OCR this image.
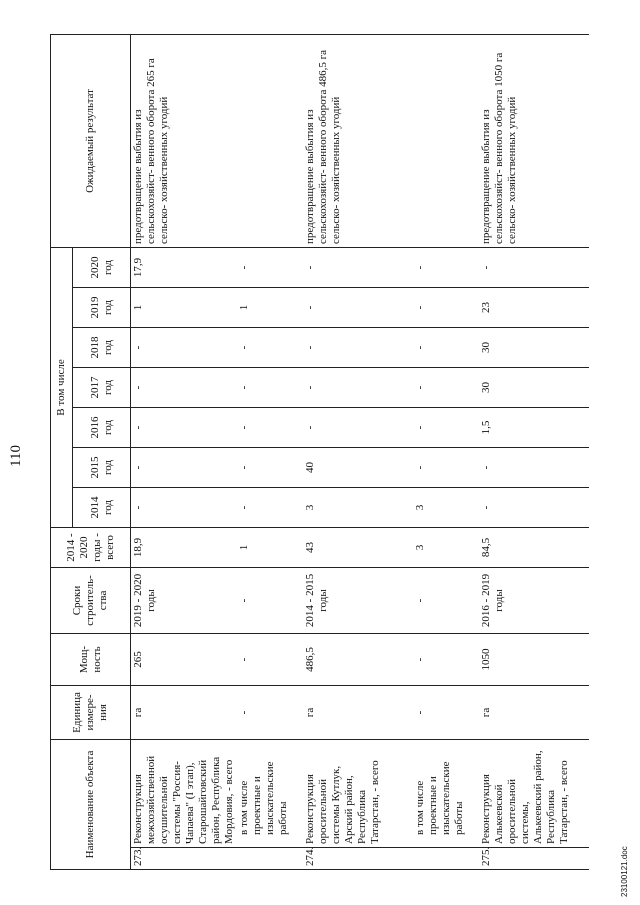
110
Наименование объекта		Единица измере- ния	Мощ- ность	Сроки строитель- ства	2014 - 2020 годы - всего	В том числе							Ожидаемый результат
						2014 год	2015 год	2016 год	2017 год	2018 год	2019 год	2020 год	
273.	Реконструкция межхозяйственной осушительной системы "Россия-Чапаева" (I этап), Старошайговский район, Республика Мордовия, - всего	га	265	2019 - 2020 годы	18,9	-	-	-	-	-	1	17,9	предотвращение выбытия из сельскохозяйст- венного оборота 265 га сельско- хозяйственных угодий
	в том числе проектные и изыскательские работы	-	-	-	1	-	-	-	-	-	1	-	
274.	Реконструкция оросительной системы Кутлук, Арский район, Республика Татарстан, - всего	га	486,5	2014 - 2015 годы	43	3	40	-	-	-	-	-	предотвращение выбытия из сельскохозяйст- венного оборота 486,5 га сельско- хозяйственных угодий
	в том числе проектные и изыскательские работы	-	-	-	3	3	-	-	-	-	-	-	
275.	Реконструкция Алькеевской оросительной системы, Алькеевский район, Республика Татарстан, - всего	га	1050	2016 - 2019 годы	84,5	-	-	1,5	30	30	23	-	предотвращение выбытия из сельскохозяйст- венного оборота 1050 га сельско- хозяйственных угодий
23100121.doc
